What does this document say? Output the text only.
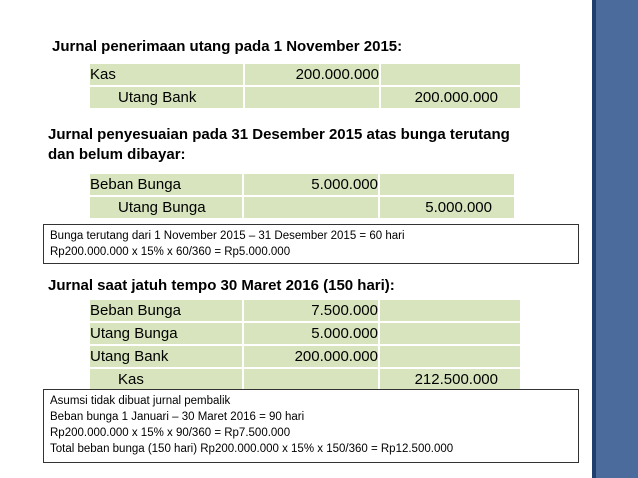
Jurnal penerimaan utang pada 1 November 2015:

Kas	200.000.000	
Utang Bank		200.000.000

Jurnal penyesuaian pada 31 Desember 2015 atas bunga terutang

dan belum dibayar:

Beban Bunga	5.000.000	
Utang Bunga		5.000.000
Bunga terutang dari 1 November 2015 – 31 Desember 2015 = 60 hari
Rp200.000.000 x 15% x 60/360 = Rp5.000.000

Jurnal saat jatuh tempo 30 Maret 2016 (150 hari):

Beban Bunga	7.500.000	
Utang Bunga	5.000.000	
Utang Bank	200.000.000	
Kas		212.500.000
Asumsi tidak dibuat jurnal pembalik
Beban bunga 1 Januari – 30 Maret 2016 = 90 hari
Rp200.000.000 x 15% x 90/360 = Rp7.500.000
Total beban bunga (150 hari) Rp200.000.000 x 15% x 150/360 = Rp12.500.000
